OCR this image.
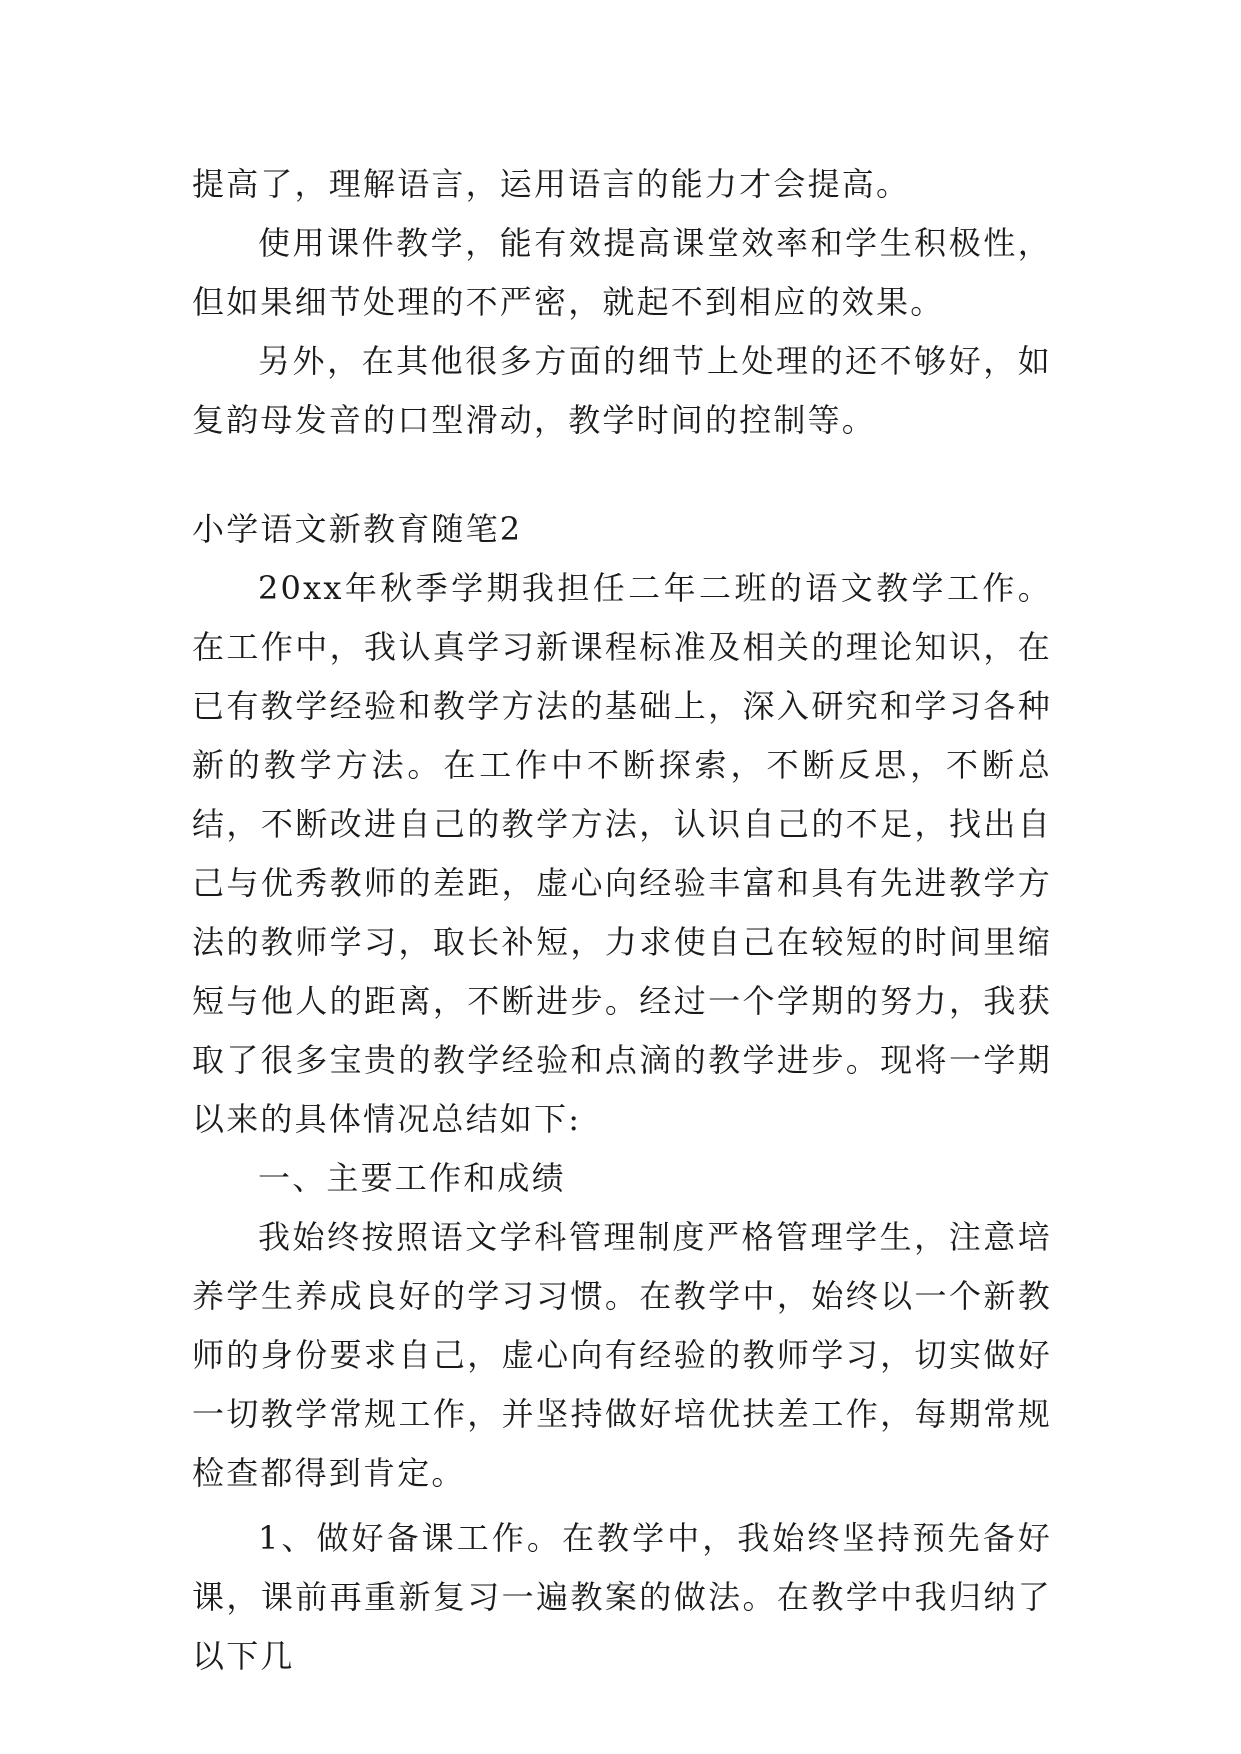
提高了，理解语言，运用语言的能力才会提高。

使用课件教学，能有效提高课堂效率和学生积极性，但如果细节处理的不严密，就起不到相应的效果。

另外，在其他很多方面的细节上处理的还不够好，如复韵母发音的口型滑动，教学时间的控制等。

小学语文新教育随笔2

20xx年秋季学期我担任二年二班的语文教学工作。在工作中，我认真学习新课程标准及相关的理论知识，在已有教学经验和教学方法的基础上，深入研究和学习各种新的教学方法。在工作中不断探索，不断反思，不断总结，不断改进自己的教学方法，认识自己的不足，找出自己与优秀教师的差距，虚心向经验丰富和具有先进教学方法的教师学习，取长补短，力求使自己在较短的时间里缩短与他人的距离，不断进步。经过一个学期的努力，我获取了很多宝贵的教学经验和点滴的教学进步。现将一学期以来的具体情况总结如下:

一、主要工作和成绩

我始终按照语文学科管理制度严格管理学生，注意培养学生养成良好的学习习惯。在教学中，始终以一个新教师的身份要求自己，虚心向有经验的教师学习，切实做好一切教学常规工作，并坚持做好培优扶差工作，每期常规检查都得到肯定。

1、做好备课工作。在教学中，我始终坚持预先备好课，课前再重新复习一遍教案的做法。在教学中我归纳了以下几
